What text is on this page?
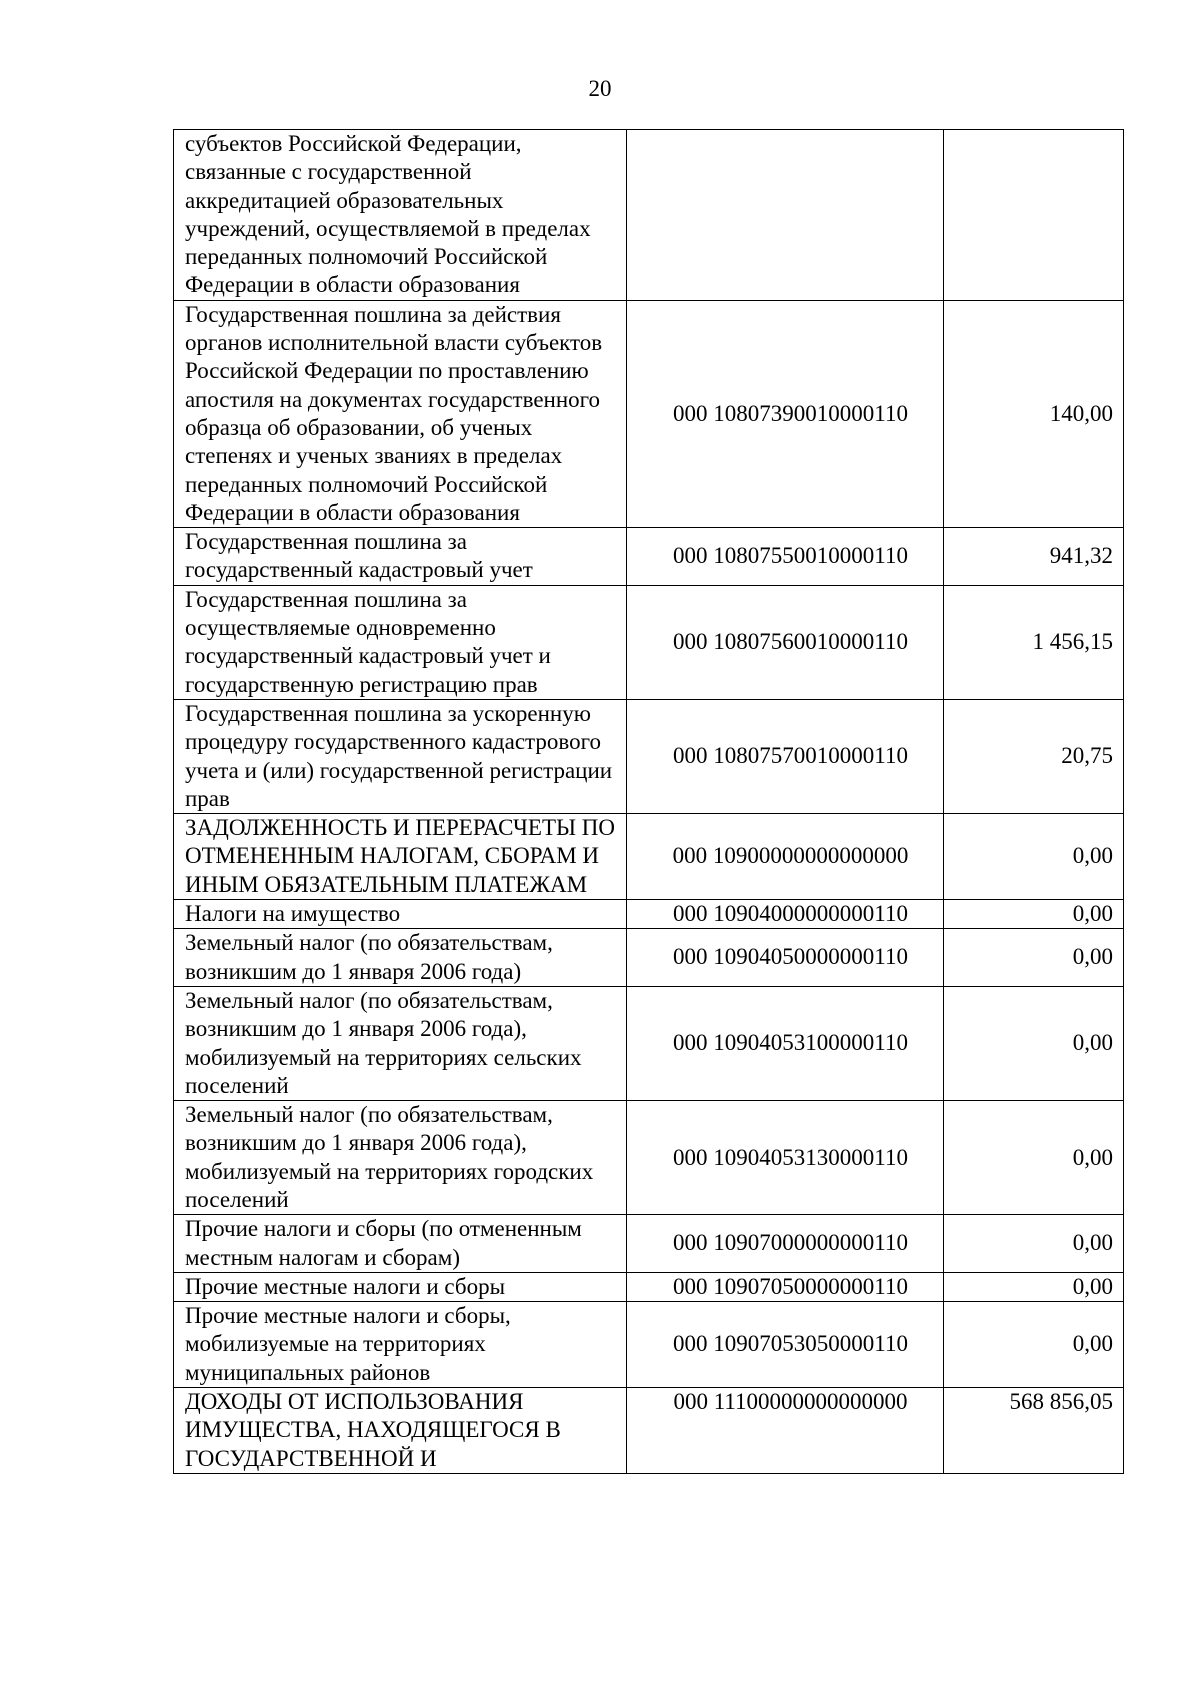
20
субъектов Российской Федерации, связанные с государственной аккредитацией образовательных учреждений, осуществляемой в пределах переданных полномочий Российской Федерации в области образования		
Государственная пошлина за действия органов исполнительной власти субъектов Российской Федерации по проставлению апостиля на документах государственного образца об образовании, об ученых степенях и ученых званиях в пределах переданных полномочий Российской Федерации в области образования	000 10807390010000110	140,00
Государственная пошлина за государственный кадастровый учет	000 10807550010000110	941,32
Государственная пошлина за осуществляемые одновременно государственный кадастровый учет и государственную регистрацию прав	000 10807560010000110	1 456,15
Государственная пошлина за ускоренную процедуру государственного кадастрового учета и (или) государственной регистрации прав	000 10807570010000110	20,75
ЗАДОЛЖЕННОСТЬ И ПЕРЕРАСЧЕТЫ ПО ОТМЕНЕННЫМ НАЛОГАМ, СБОРАМ И ИНЫМ ОБЯЗАТЕЛЬНЫМ ПЛАТЕЖАМ	000 10900000000000000	0,00
Налоги на имущество	000 10904000000000110	0,00
Земельный налог (по обязательствам, возникшим до 1 января 2006 года)	000 10904050000000110	0,00
Земельный налог (по обязательствам, возникшим до 1 января 2006 года), мобилизуемый на территориях сельских поселений	000 10904053100000110	0,00
Земельный налог (по обязательствам, возникшим до 1 января 2006 года), мобилизуемый на территориях городских поселений	000 10904053130000110	0,00
Прочие налоги и сборы (по отмененным местным налогам и сборам)	000 10907000000000110	0,00
Прочие местные налоги и сборы	000 10907050000000110	0,00
Прочие местные налоги и сборы, мобилизуемые на территориях муниципальных районов	000 10907053050000110	0,00
ДОХОДЫ ОТ ИСПОЛЬЗОВАНИЯ ИМУЩЕСТВА, НАХОДЯЩЕГОСЯ В ГОСУДАРСТВЕННОЙ И	000 11100000000000000	568 856,05
